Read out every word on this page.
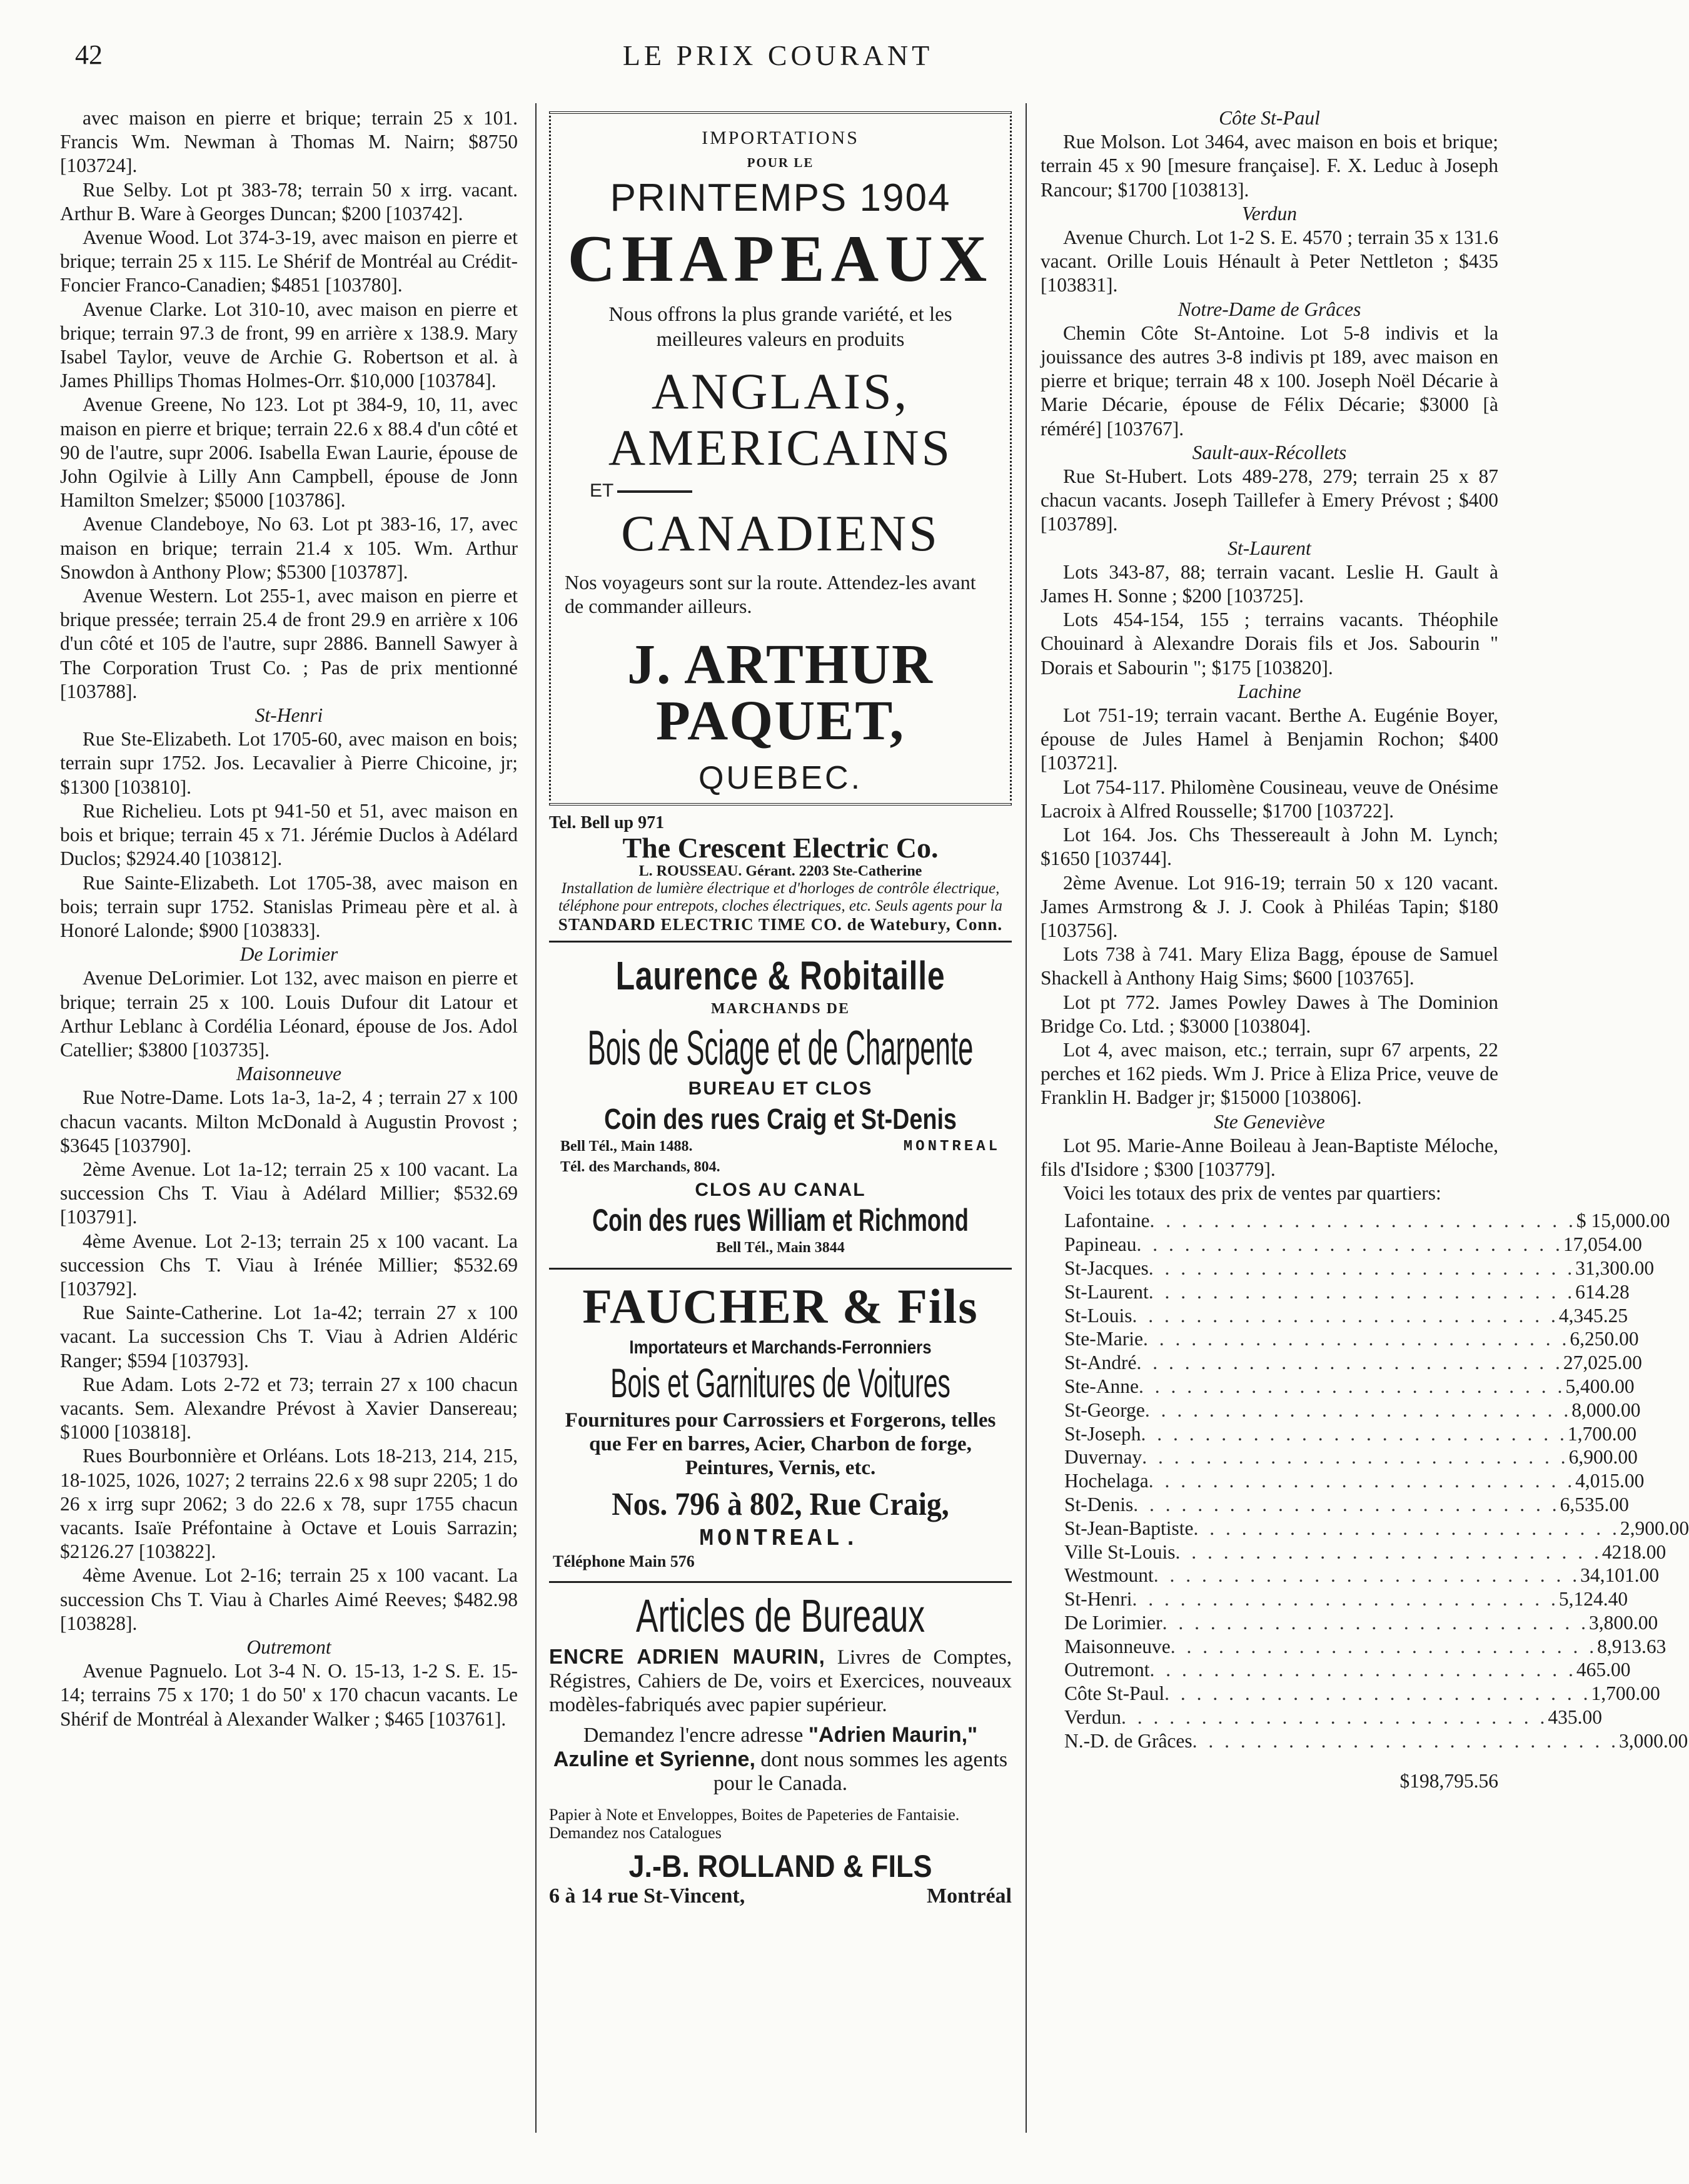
42	LE PRIX COURANT

avec maison en pierre et brique; terrain 25 x 101. Francis Wm. Newman à Thomas M. Nairn; $8750 [103724].

Rue Selby. Lot pt 383-78; terrain 50 x irrg. vacant. Arthur B. Ware à Georges Duncan; $200 [103742].

Avenue Wood. Lot 374-3-19, avec maison en pierre et brique; terrain 25 x 115. Le Shérif de Montréal au Crédit-Foncier Franco-Canadien; $4851 [103780].

Avenue Clarke. Lot 310-10, avec maison en pierre et brique; terrain 97.3 de front, 99 en arrière x 138.9. Mary Isabel Taylor, veuve de Archie G. Robertson et al. à James Phillips Thomas Holmes-Orr. $10,000 [103784].

Avenue Greene, No 123. Lot pt 384-9, 10, 11, avec maison en pierre et brique; terrain 22.6 x 88.4 d'un côté et 90 de l'autre, supr 2006. Isabella Ewan Laurie, épouse de John Ogilvie à Lilly Ann Campbell, épouse de Jonn Hamilton Smelzer; $5000 [103786].

Avenue Clandeboye, No 63. Lot pt 383-16, 17, avec maison en brique; terrain 21.4 x 105. Wm. Arthur Snowdon à Anthony Plow; $5300 [103787].

Avenue Western. Lot 255-1, avec maison en pierre et brique pressée; terrain 25.4 de front 29.9 en arrière x 106 d'un côté et 105 de l'autre, supr 2886. Bannell Sawyer à The Corporation Trust Co. ; Pas de prix mentionné [103788].

St-Henri

Rue Ste-Elizabeth. Lot 1705-60, avec maison en bois; terrain supr 1752. Jos. Lecavalier à Pierre Chicoine, jr; $1300 [103810].

Rue Richelieu. Lots pt 941-50 et 51, avec maison en bois et brique; terrain 45 x 71. Jérémie Duclos à Adélard Duclos; $2924.40 [103812].

Rue Sainte-Elizabeth. Lot 1705-38, avec maison en bois; terrain supr 1752. Stanislas Primeau père et al. à Honoré Lalonde; $900 [103833].

De Lorimier

Avenue DeLorimier. Lot 132, avec maison en pierre et brique; terrain 25 x 100. Louis Dufour dit Latour et Arthur Leblanc à Cordélia Léonard, épouse de Jos. Adol Catellier; $3800 [103735].

Maisonneuve

Rue Notre-Dame. Lots 1a-3, 1a-2, 4 ; terrain 27 x 100 chacun vacants. Milton McDonald à Augustin Provost ; $3645 [103790].

2ème Avenue. Lot 1a-12; terrain 25 x 100 vacant. La succession Chs T. Viau à Adélard Millier; $532.69 [103791].

4ème Avenue. Lot 2-13; terrain 25 x 100 vacant. La succession Chs T. Viau à Irénée Millier; $532.69 [103792].

Rue Sainte-Catherine. Lot 1a-42; terrain 27 x 100 vacant. La succession Chs T. Viau à Adrien Aldéric Ranger; $594 [103793].

Rue Adam. Lots 2-72 et 73; terrain 27 x 100 chacun vacants. Sem. Alexandre Prévost à Xavier Dansereau; $1000 [103818].

Rues Bourbonnière et Orléans. Lots 18-213, 214, 215, 18-1025, 1026, 1027; 2 terrains 22.6 x 98 supr 2205; 1 do 26 x irrg supr 2062; 3 do 22.6 x 78, supr 1755 chacun vacants. Isaïe Préfontaine à Octave et Louis Sarrazin; $2126.27 [103822].

4ème Avenue. Lot 2-16; terrain 25 x 100 vacant. La succession Chs T. Viau à Charles Aimé Reeves; $482.98 [103828].

Outremont

Avenue Pagnuelo. Lot 3-4 N. O. 15-13, 1-2 S. E. 15-14; terrains 75 x 170; 1 do 50' x 170 chacun vacants. Le Shérif de Montréal à Alexander Walker ; $465 [103761].

IMPORTATIONS
POUR LE
PRINTEMPS 1904
CHAPEAUX
Nous offrons la plus grande variété, et les meilleures valeurs en produits
ANGLAIS,
AMERICAINS
ET
CANADIENS
Nos voyageurs sont sur la route. Attendez-les avant de commander ailleurs.
J. ARTHUR PAQUET,
QUEBEC.
Tel. Bell up 971
The Crescent Electric Co.
L. ROUSSEAU. Gérant. 2203 Ste-Catherine
Installation de lumière électrique et d'horloges de contrôle électrique, téléphone pour entrepots, cloches électriques, etc. Seuls agents pour la
STANDARD ELECTRIC TIME CO. de Watebury, Conn.
Laurence & Robitaille
MARCHANDS DE
Bois de Sciage et de Charpente
BUREAU ET CLOS
Coin des rues Craig et St-Denis
Bell Tél., Main 1488.	MONTREAL
Tél. des Marchands, 804.
CLOS AU CANAL
Coin des rues William et Richmond
Bell Tél., Main 3844
FAUCHER & Fils
Importateurs et Marchands-Ferronniers
Bois et Garnitures de Voitures
Fournitures pour Carrossiers et Forgerons, telles que Fer en barres, Acier, Charbon de forge, Peintures, Vernis, etc.
Nos. 796 à 802, Rue Craig,
MONTREAL.
Téléphone Main 576
Articles de Bureaux
ENCRE ADRIEN MAURIN, Livres de Comptes, Régistres, Cahiers de De, voirs et Exercices, nouveaux modèles-fabriqués avec papier supérieur.
Demandez l'encre adresse "Adrien Maurin," Azuline et Syrienne, dont nous sommes les agents pour le Canada.
Papier à Note et Enveloppes, Boites de Papeteries de Fantaisie. Demandez nos Catalogues
J.-B. ROLLAND & FILS
6 à 14 rue St-Vincent,	Montréal
Côte St-Paul

Rue Molson. Lot 3464, avec maison en bois et brique; terrain 45 x 90 [mesure française]. F. X. Leduc à Joseph Rancour; $1700 [103813].

Verdun

Avenue Church. Lot 1-2 S. E. 4570 ; terrain 35 x 131.6 vacant. Orille Louis Hénault à Peter Nettleton ; $435 [103831].

Notre-Dame de Grâces

Chemin Côte St-Antoine. Lot 5-8 indivis et la jouissance des autres 3-8 indivis pt 189, avec maison en pierre et brique; terrain 48 x 100. Joseph Noël Décarie à Marie Décarie, épouse de Félix Décarie; $3000 [à réméré] [103767].

Sault-aux-Récollets

Rue St-Hubert. Lots 489-278, 279; terrain 25 x 87 chacun vacants. Joseph Taillefer à Emery Prévost ; $400 [103789].

St-Laurent

Lots 343-87, 88; terrain vacant. Leslie H. Gault à James H. Sonne ; $200 [103725].

Lots 454-154, 155 ; terrains vacants. Théophile Chouinard à Alexandre Dorais fils et Jos. Sabourin " Dorais et Sabourin "; $175 [103820].

Lachine

Lot 751-19; terrain vacant. Berthe A. Eugénie Boyer, épouse de Jules Hamel à Benjamin Rochon; $400 [103721].

Lot 754-117. Philomène Cousineau, veuve de Onésime Lacroix à Alfred Rousselle; $1700 [103722].

Lot 164. Jos. Chs Thessereault à John M. Lynch; $1650 [103744].

2ème Avenue. Lot 916-19; terrain 50 x 120 vacant. James Armstrong & J. J. Cook à Philéas Tapin; $180 [103756].

Lots 738 à 741. Mary Eliza Bagg, épouse de Samuel Shackell à Anthony Haig Sims; $600 [103765].

Lot pt 772. James Powley Dawes à The Dominion Bridge Co. Ltd. ; $3000 [103804].

Lot 4, avec maison, etc.; terrain, supr 67 arpents, 22 perches et 162 pieds. Wm J. Price à Eliza Price, veuve de Franklin H. Badger jr; $15000 [103806].

Ste Geneviève

Lot 95. Marie-Anne Boileau à Jean-Baptiste Méloche, fils d'Isidore ; $300 [103779].

Voici les totaux des prix de ventes par quartiers:

Lafontaine . . . . . . . . . . . . . . . . . . . . . . . . . . . $ 15,000.00
Papineau . . . . . . . . . . . . . . . . . . . . . . . . . . . 17,054.00
St-Jacques . . . . . . . . . . . . . . . . . . . . . . . . . . . 31,300.00
St-Laurent . . . . . . . . . . . . . . . . . . . . . . . . . . . 614.28
St-Louis . . . . . . . . . . . . . . . . . . . . . . . . . . . 4,345.25
Ste-Marie . . . . . . . . . . . . . . . . . . . . . . . . . . . 6,250.00
St-André . . . . . . . . . . . . . . . . . . . . . . . . . . . 27,025.00
Ste-Anne . . . . . . . . . . . . . . . . . . . . . . . . . . . 5,400.00
St-George . . . . . . . . . . . . . . . . . . . . . . . . . . . 8,000.00
St-Joseph . . . . . . . . . . . . . . . . . . . . . . . . . . . 1,700.00
Duvernay . . . . . . . . . . . . . . . . . . . . . . . . . . . 6,900.00
Hochelaga . . . . . . . . . . . . . . . . . . . . . . . . . . . 4,015.00
St-Denis . . . . . . . . . . . . . . . . . . . . . . . . . . . 6,535.00
St-Jean-Baptiste . . . . . . . . . . . . . . . . . . . . . . . . . . . 2,900.00
Ville St-Louis . . . . . . . . . . . . . . . . . . . . . . . . . . . 4218.00
Westmount . . . . . . . . . . . . . . . . . . . . . . . . . . . 34,101.00
St-Henri . . . . . . . . . . . . . . . . . . . . . . . . . . . 5,124.40
De Lorimier . . . . . . . . . . . . . . . . . . . . . . . . . . . 3,800.00
Maisonneuve . . . . . . . . . . . . . . . . . . . . . . . . . . . 8,913.63
Outremont . . . . . . . . . . . . . . . . . . . . . . . . . . . 465.00
Côte St-Paul . . . . . . . . . . . . . . . . . . . . . . . . . . . 1,700.00
Verdun . . . . . . . . . . . . . . . . . . . . . . . . . . . 435.00
N.-D. de Grâces . . . . . . . . . . . . . . . . . . . . . . . . . . . 3,000.00
$198,795.56
